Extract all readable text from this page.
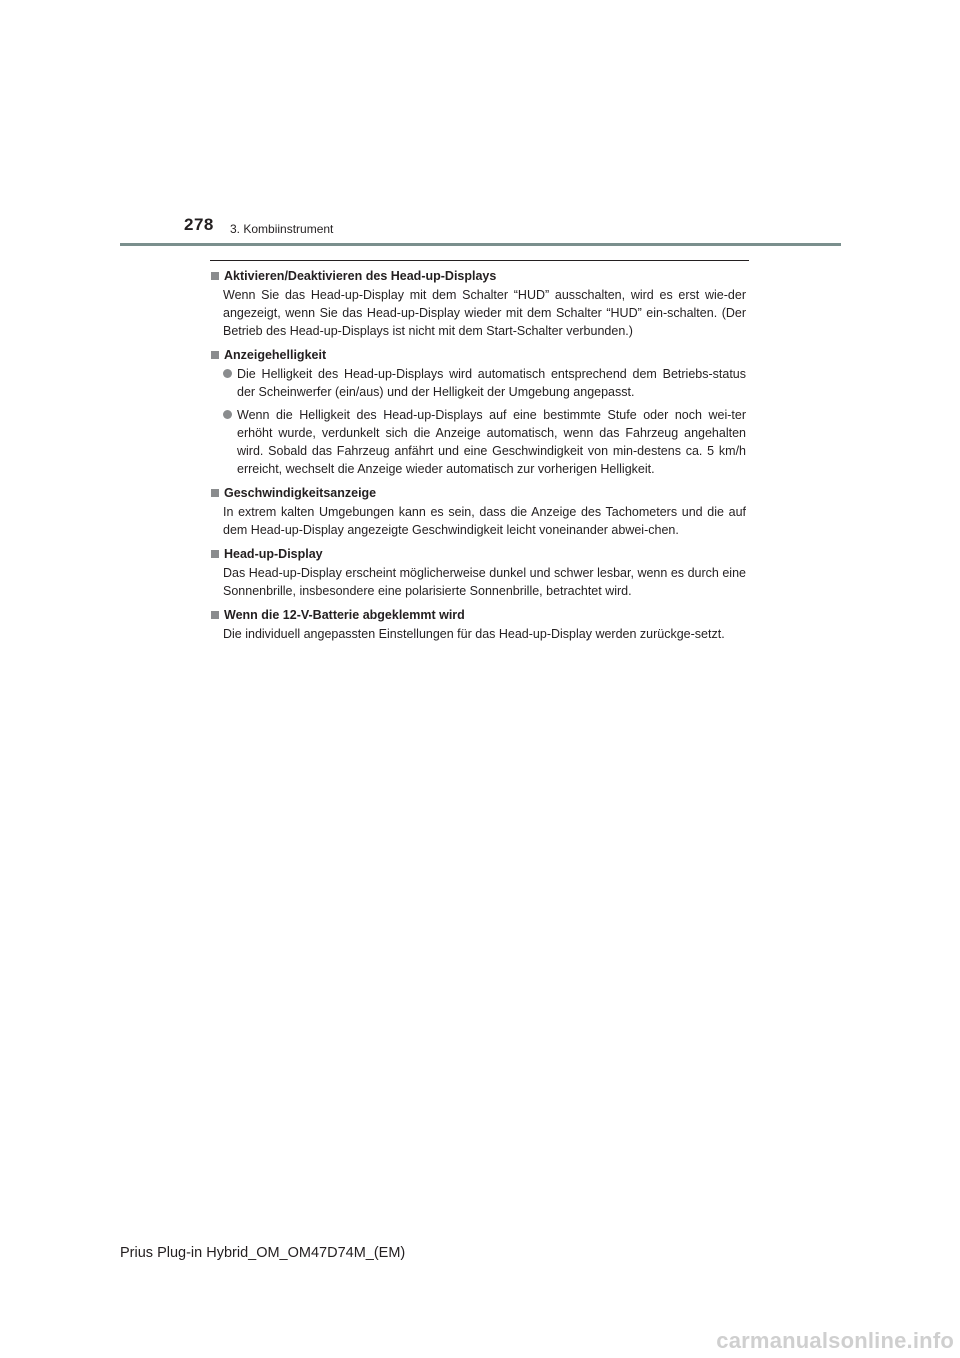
278 3. Kombiinstrument
Aktivieren/Deaktivieren des Head-up-Displays
Wenn Sie das Head-up-Display mit dem Schalter “HUD” ausschalten, wird es erst wie-der angezeigt, wenn Sie das Head-up-Display wieder mit dem Schalter “HUD” ein-schalten. (Der Betrieb des Head-up-Displays ist nicht mit dem Start-Schalter verbunden.)
Anzeigehelligkeit
Die Helligkeit des Head-up-Displays wird automatisch entsprechend dem Betriebs-status der Scheinwerfer (ein/aus) und der Helligkeit der Umgebung angepasst.
Wenn die Helligkeit des Head-up-Displays auf eine bestimmte Stufe oder noch wei-ter erhöht wurde, verdunkelt sich die Anzeige automatisch, wenn das Fahrzeug angehalten wird. Sobald das Fahrzeug anfährt und eine Geschwindigkeit von min-destens ca. 5 km/h erreicht, wechselt die Anzeige wieder automatisch zur vorherigen Helligkeit.
Geschwindigkeitsanzeige
In extrem kalten Umgebungen kann es sein, dass die Anzeige des Tachometers und die auf dem Head-up-Display angezeigte Geschwindigkeit leicht voneinander abwei-chen.
Head-up-Display
Das Head-up-Display erscheint möglicherweise dunkel und schwer lesbar, wenn es durch eine Sonnenbrille, insbesondere eine polarisierte Sonnenbrille, betrachtet wird.
Wenn die 12-V-Batterie abgeklemmt wird
Die individuell angepassten Einstellungen für das Head-up-Display werden zurückge-setzt.
Prius Plug-in Hybrid_OM_OM47D74M_(EM)
carmanualsonline.info
